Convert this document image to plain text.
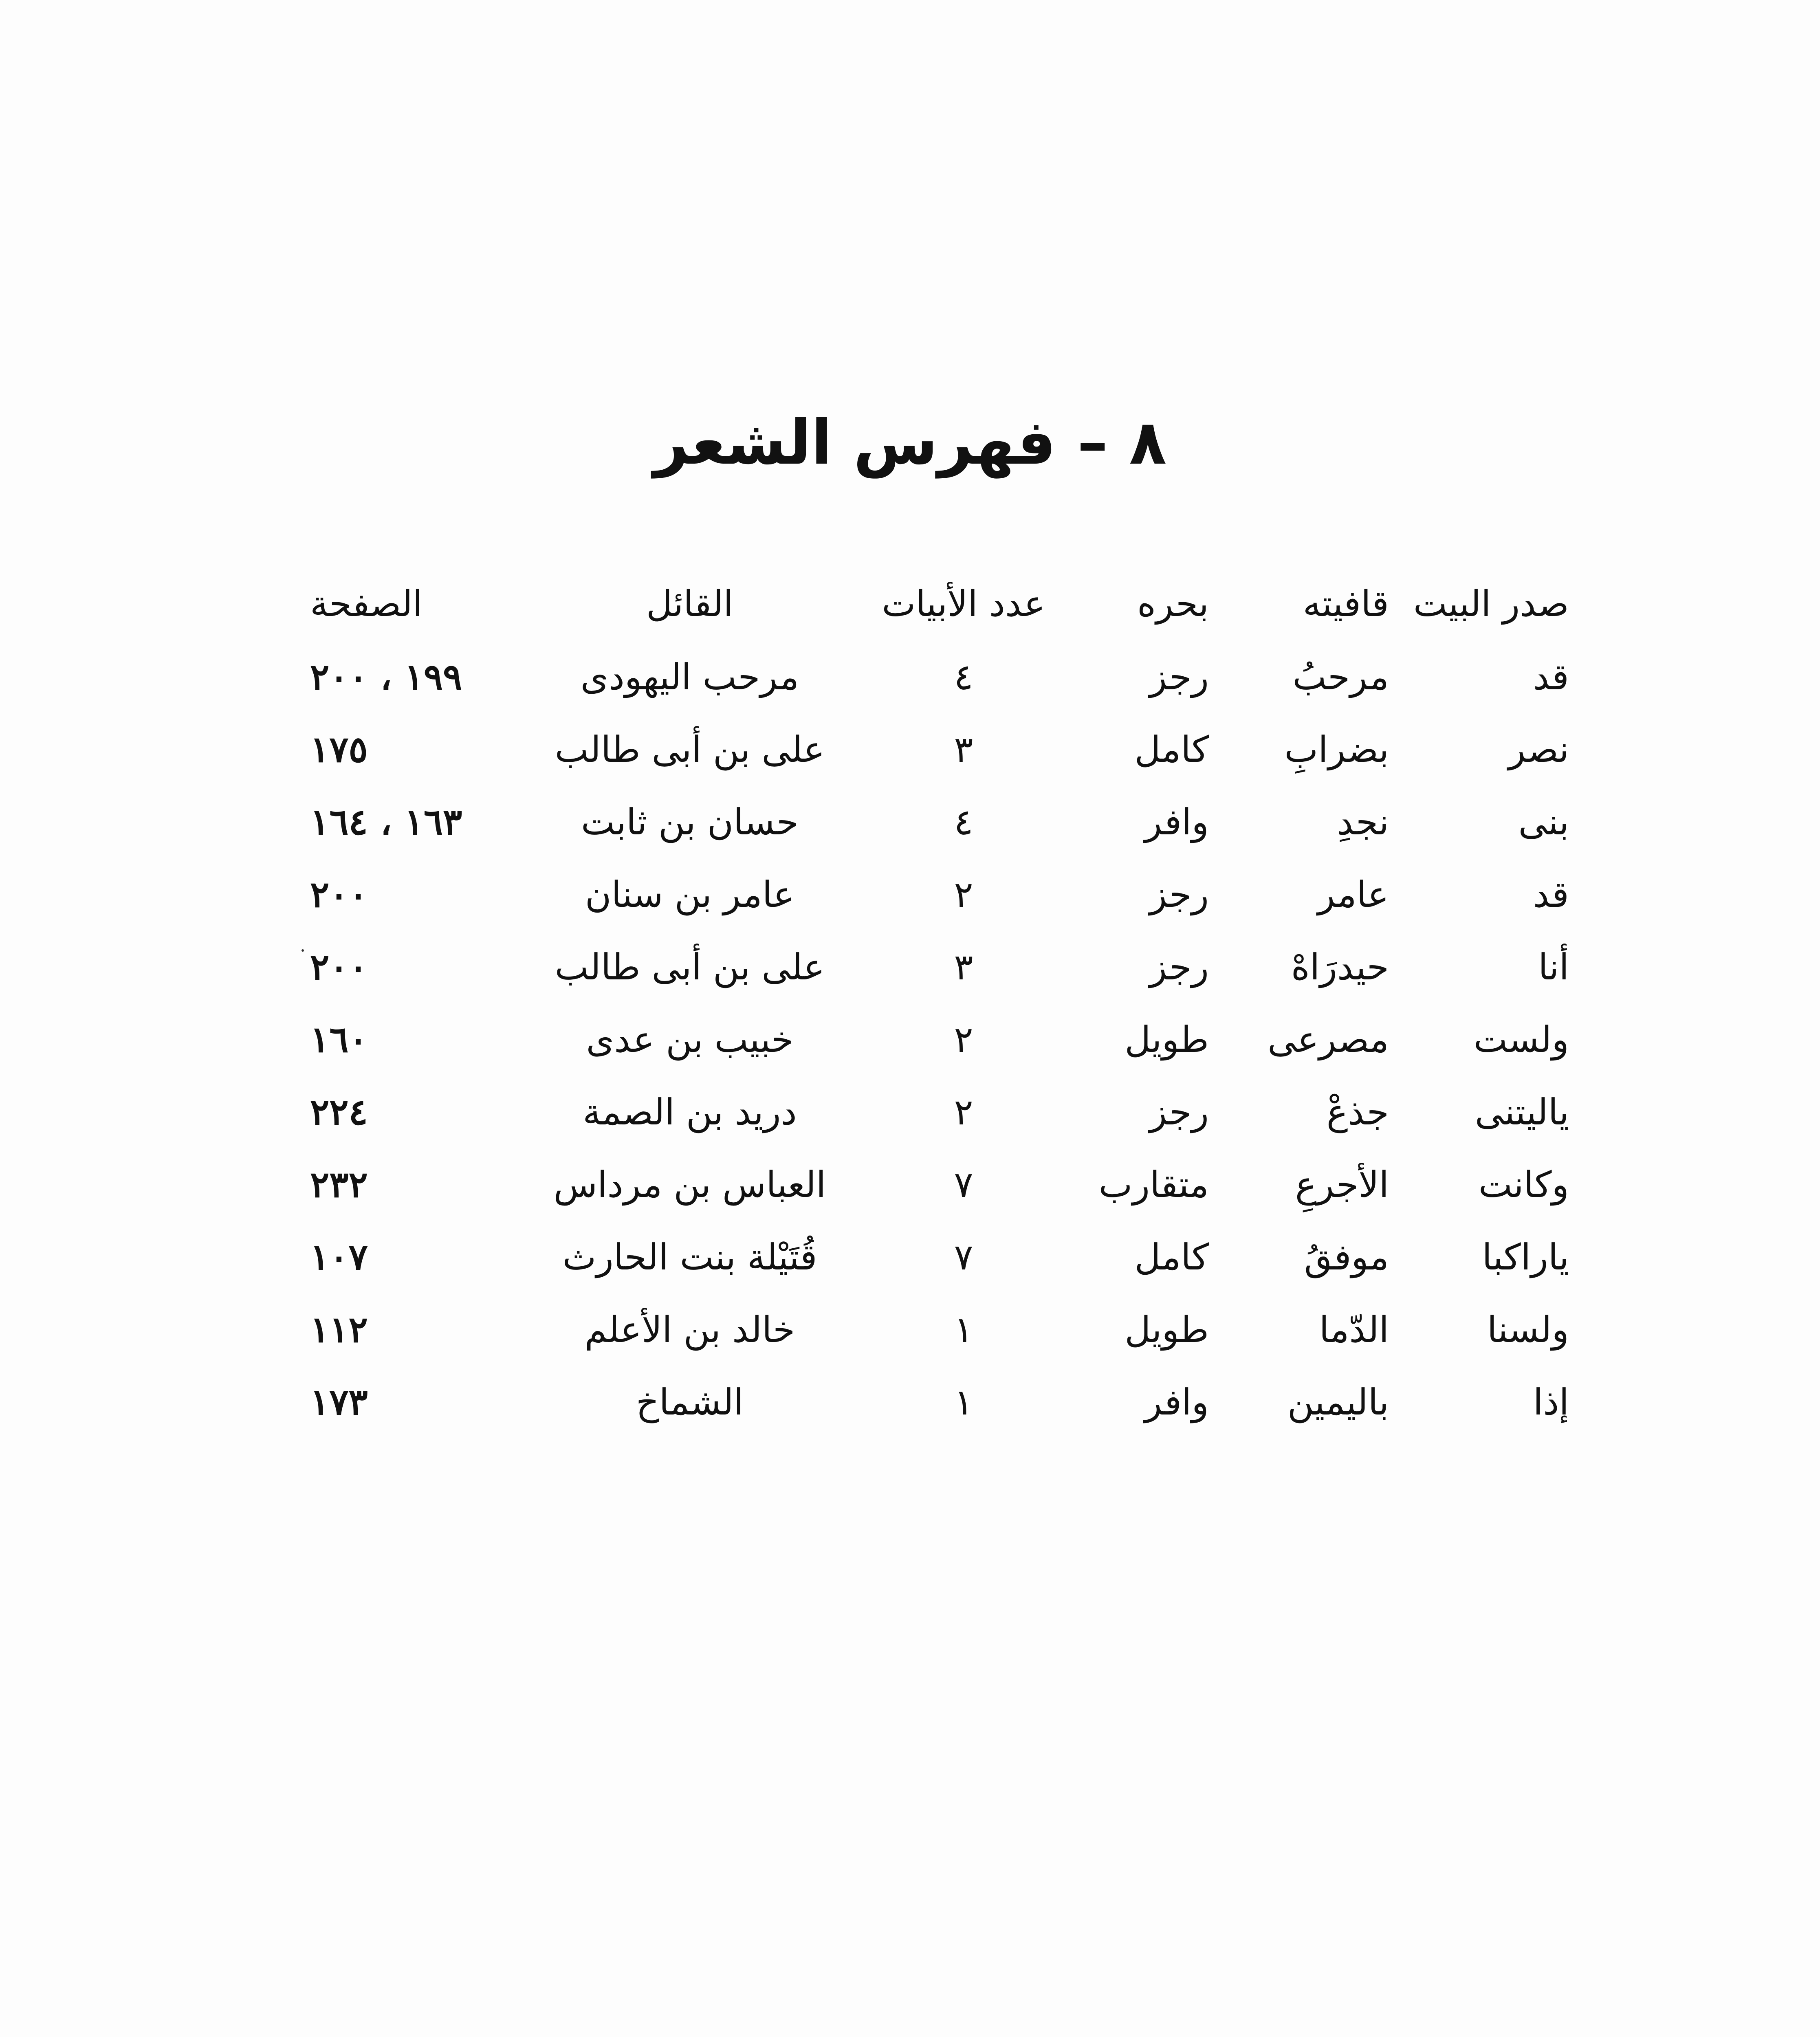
٨ – فهرس الشعر
صدر البيت	قافيته	بحره	عدد الأبيات	القائل	الصفحة
قد	مرحبُ	رجز	٤	مرحب اليهودى	١٩٩ ، ٢٠٠
نصر	بضرابِ	كامل	٣	على بن أبى طالب	١٧٥
بنى	نجدِ	وافر	٤	حسان بن ثابت	١٦٣ ، ١٦٤
قد	عامر	رجز	٢	عامر بن سنان	٢٠٠
أنا	حيدرَاهْ	رجز	٣	على بن أبى طالب	٢٠٠
ولست	مصرعى	طويل	٢	خبيب بن عدى	١٦٠
ياليتنى	جذعْ	رجز	٢	دريد بن الصمة	٢٢٤
وكانت	الأجرعِ	متقارب	٧	العباس بن مرداس	٢٣٢
ياراكبا	موفقُ	كامل	٧	قُتَيْلة بنت الحارث	١٠٧
ولسنا	الدّما	طويل	١	خالد بن الأعلم	١١٢
إذا	باليمين	وافر	١	الشماخ	١٧٣
